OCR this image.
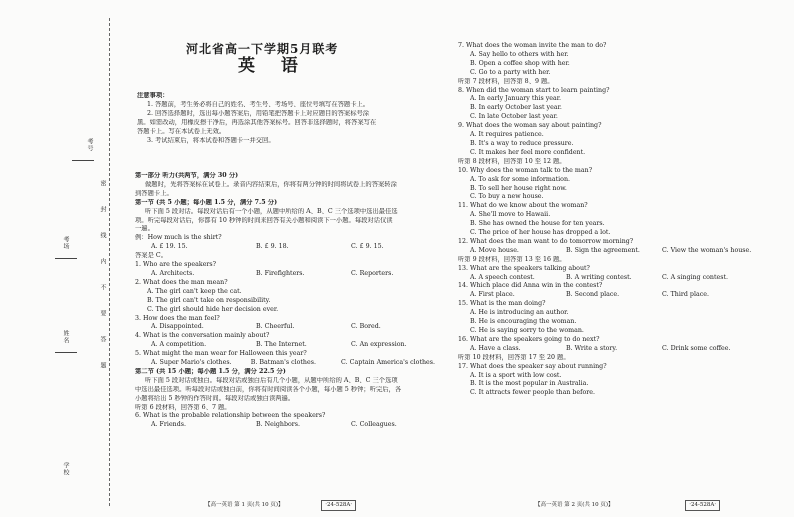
考号
考场
姓名
学校
密
封
线
内
不
要
答
题
河北省高一下学期5月联考
英 语
注意事项：
1. 答题前，考生务必将自己的姓名、考生号、考场号、座位号填写在答题卡上。
2. 回答选择题时，选出每小题答案后，用铅笔把答题卡上对应题目的答案标号涂
黑。如需改动，用橡皮擦干净后，再选涂其他答案标号。回答非选择题时，将答案写在
答题卡上。写在本试卷上无效。
3. 考试结束后，将本试卷和答题卡一并交回。
第一部分 听力(共两节，满分 30 分)
做题时，先将答案标在试卷上。录音内容结束后，你将有两分钟的时间将试卷上的答案转涂
到答题卡上。
第一节 (共 5 小题；每小题 1.5 分，满分 7.5 分)
听下面 5 段对话。每段对话后有一个小题，从题中所给的 A、B、C 三个选项中选出最佳选
项。听完每段对话后，你都有 10 秒钟的时间来回答有关小题和阅读下一小题。每段对话仅读
一遍。
例：How much is the shirt?
A. £ 19. 15.	B. £ 9. 18.	C. £ 9. 15.
答案是 C。
1. Who are the speakers?
A. Architects.	B. Firefighters.	C. Reporters.
2. What does the man mean?
A. The girl can't keep the cat.
B. The girl can't take on responsibility.
C. The girl should hide her decision ever.
3. How does the man feel?
A. Disappointed.	B. Cheerful.	C. Bored.
4. What is the conversation mainly about?
A. A competition.	B. The Internet.	C. An expression.
5. What might the man wear for Halloween this year?
A. Super Mario's clothes.	B. Batman's clothes.	C. Captain America's clothes.
第二节 (共 15 小题；每小题 1.5 分，满分 22.5 分)
听下面 5 段对话或独白。每段对话或独白后有几个小题，从题中所给的 A、B、C 三个选项
中选出最佳选项。听每段对话或独白前，你将有时间阅读各个小题，每小题 5 秒钟；听完后，各
小题将给出 5 秒钟的作答时间。每段对话或独白读两遍。
听第 6 段材料，回答第 6、7 题。
6. What is the probable relationship between the speakers?
A. Friends.	B. Neighbors.	C. Colleagues.
7. What does the woman invite the man to do?
A. Say hello to others with her.
B. Open a coffee shop with her.
C. Go to a party with her.
听第 7 段材料，回答第 8、9 题。
8. When did the woman start to learn painting?
A. In early January this year.
B. In early October last year.
C. In late October last year.
9. What does the woman say about painting?
A. It requires patience.
B. It's a way to reduce pressure.
C. It makes her feel more confident.
听第 8 段材料，回答第 10 至 12 题。
10. Why does the woman talk to the man?
A. To ask for some information.
B. To sell her house right now.
C. To buy a new house.
11. What do we know about the woman?
A. She'll move to Hawaii.
B. She has owned the house for ten years.
C. The price of her house has dropped a lot.
12. What does the man want to do tomorrow morning?
A. Move house.	B. Sign the agreement.	C. View the woman's house.
听第 9 段材料，回答第 13 至 16 题。
13. What are the speakers talking about?
A. A speech contest.	B. A writing contest.	C. A singing contest.
14. Which place did Anna win in the contest?
A. First place.	B. Second place.	C. Third place.
15. What is the man doing?
A. He is introducing an author.
B. He is encouraging the woman.
C. He is saying sorry to the woman.
16. What are the speakers going to do next?
A. Have a class.	B. Write a story.	C. Drink some coffee.
听第 10 段材料，回答第 17 至 20 题。
17. What does the speaker say about running?
A. It is a sport with low cost.
B. It is the most popular in Australia.
C. It attracts fewer people than before.
【高一英语 第 1 页(共 10 页)】	·24-528A·	【高一英语 第 2 页(共 10 页)】	·24-528A·
